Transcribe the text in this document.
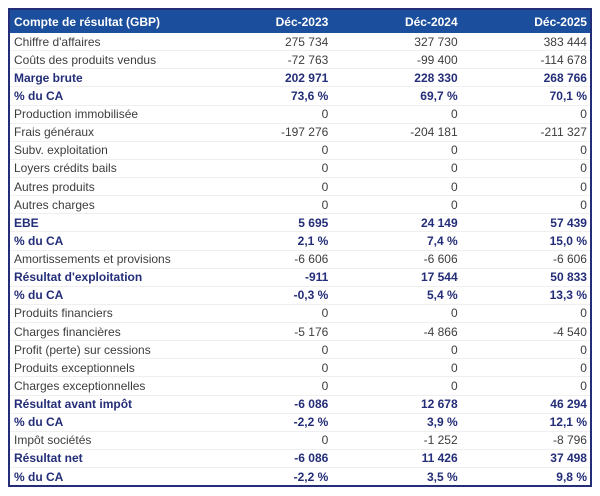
Compte de résultat (GBP)	Déc-2023	Déc-2024	Déc-2025
Chiffre d'affaires	275 734	327 730	383 444
Coûts des produits vendus	-72 763	-99 400	-114 678
Marge brute	202 971	228 330	268 766
% du CA	73,6 %	69,7 %	70,1 %
Production immobilisée	0	0	0
Frais généraux	-197 276	-204 181	-211 327
Subv. exploitation	0	0	0
Loyers crédits bails	0	0	0
Autres produits	0	0	0
Autres charges	0	0	0
EBE	5 695	24 149	57 439
% du CA	2,1 %	7,4 %	15,0 %
Amortissements et provisions	-6 606	-6 606	-6 606
Résultat d'exploitation	-911	17 544	50 833
% du CA	-0,3 %	5,4 %	13,3 %
Produits financiers	0	0	0
Charges financières	-5 176	-4 866	-4 540
Profit (perte) sur cessions	0	0	0
Produits exceptionnels	0	0	0
Charges exceptionnelles	0	0	0
Résultat avant impôt	-6 086	12 678	46 294
% du CA	-2,2 %	3,9 %	12,1 %
Impôt sociétés	0	-1 252	-8 796
Résultat net	-6 086	11 426	37 498
% du CA	-2,2 %	3,5 %	9,8 %
